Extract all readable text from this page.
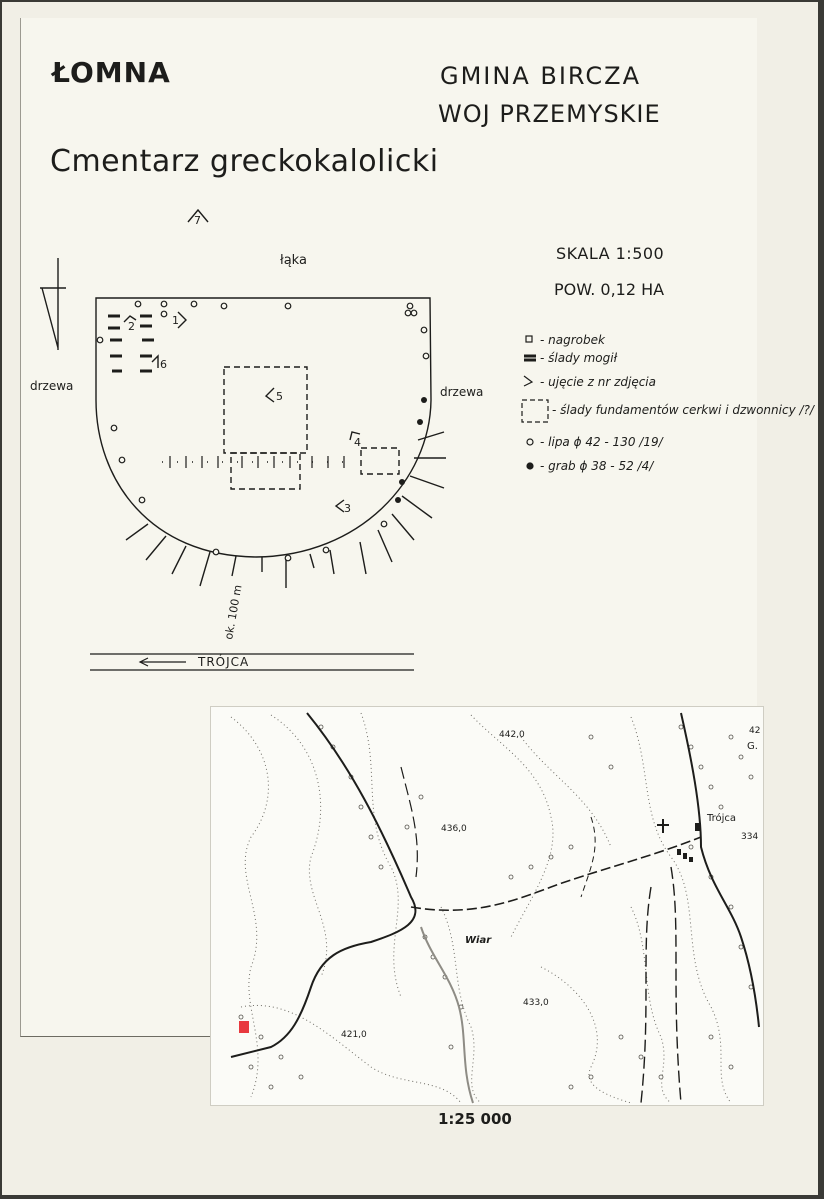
ŁOMNA	GMINA BIRCZA
WOJ PRZEMYSKIE
Cmentarz greckokalolicki
SKALA 1:500
POW. 0,12 HA
łąka
drzewa	drzewa
7
1
2
6
5
4
3
ok. 100 m
TRÓJCA
- nagrobek
- ślady mogił
- ujęcie z nr zdjęcia
- ślady fundamentów cerkwi i dzwonnicy /?/
- lipa ϕ 42 - 130 /19/
- grab ϕ 38 - 52 /4/
442,0
436,0
433,0
421,0
42
334
Wiar
Trójca
G.
1:25 000
